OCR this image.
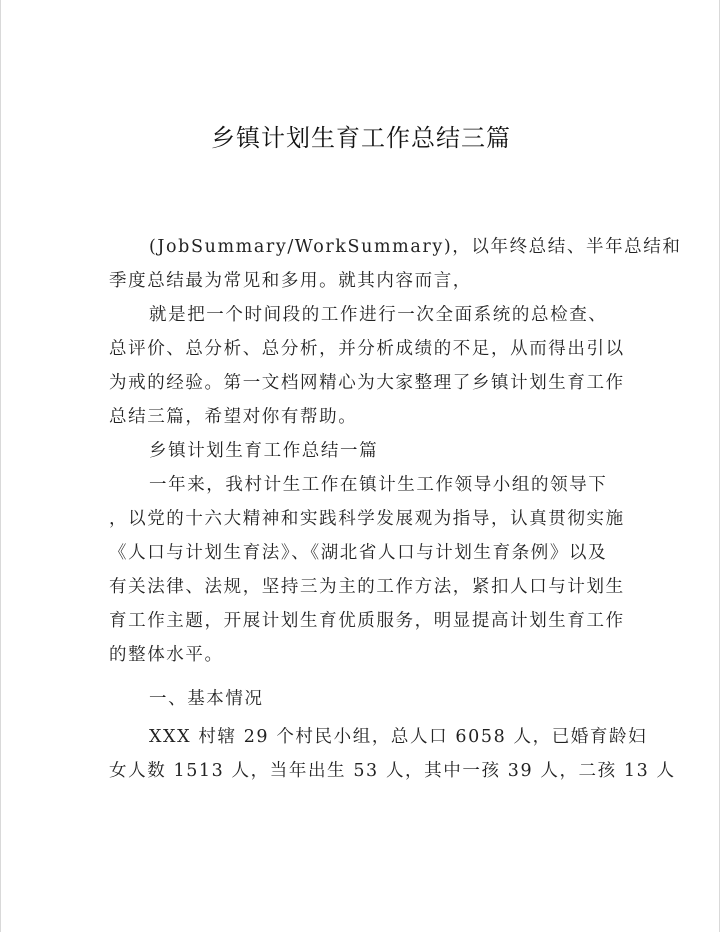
乡镇计划生育工作总结三篇
(JobSummary/WorkSummary)，以年终总结、半年总结和
季度总结最为常见和多用。就其内容而言，
就是把一个时间段的工作进行一次全面系统的总检查、
总评价、总分析、总分析，并分析成绩的不足，从而得出引以
为戒的经验。第一文档网精心为大家整理了乡镇计划生育工作
总结三篇，希望对你有帮助。
乡镇计划生育工作总结一篇
一年来，我村计生工作在镇计生工作领导小组的领导下
，以党的十六大精神和实践科学发展观为指导，认真贯彻实施
《人口与计划生育法》、《湖北省人口与计划生育条例》以及
有关法律、法规，坚持三为主的工作方法，紧扣人口与计划生
育工作主题，开展计划生育优质服务，明显提高计划生育工作
的整体水平。
一、基本情况
XXX 村辖 29 个村民小组，总人口 6058 人，已婚育龄妇
女人数 1513 人，当年出生 53 人，其中一孩 39 人，二孩 13 人
